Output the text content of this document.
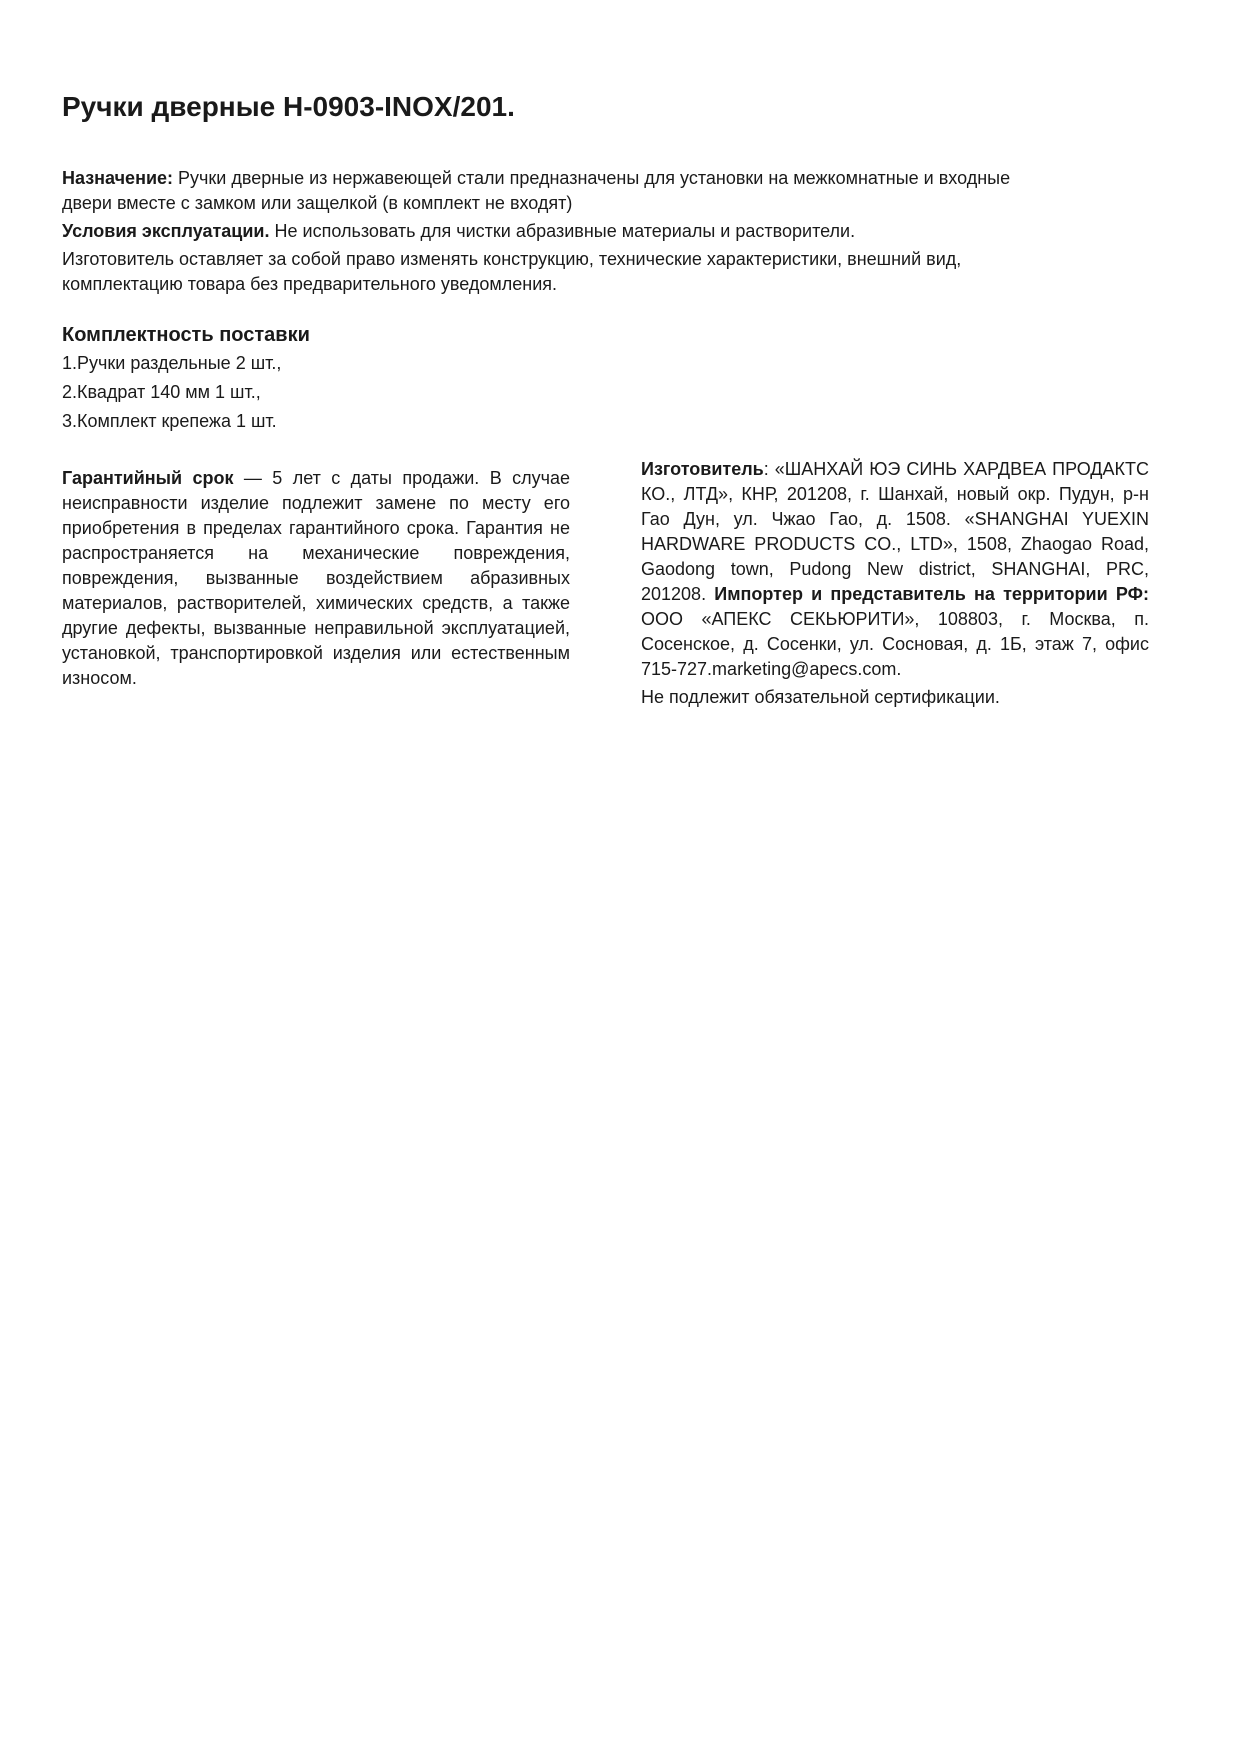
Ручки дверные H-0903-INOX/201.

Назначение: Ручки дверные из нержавеющей стали предназначены для установки на межкомнатные и входные двери вместе с замком или защелкой (в комплект не входят)

Условия эксплуатации. Не использовать для чистки абразивные материалы и растворители.

Изготовитель оставляет за собой право изменять конструкцию, технические характеристики, внешний вид, комплектацию товара без предварительного уведомления.

Комплектность поставки
1.Ручки раздельные 2 шт.,
2.Квадрат 140 мм 1 шт.,
3.Комплект крепежа 1 шт.

Гарантийный срок — 5 лет с даты продажи. В случае неисправности изделие подлежит замене по месту его приобретения в пределах гарантийного срока. Гарантия не распространяется на механические повреждения, повреждения, вызванные воздействием абразивных материалов, растворителей, химических средств, а также другие дефекты, вызванные неправильной эксплуатацией, установкой, транспортировкой изделия или естественным износом.

Изготовитель: «ШАНХАЙ ЮЭ СИНЬ ХАРДВЕА ПРОДАКТС КО., ЛТД», КНР, 201208, г. Шанхай, новый окр. Пудун, р-н Гао Дун, ул. Чжао Гао, д. 1508. «SHANGHAI YUEXIN HARDWARE PRODUCTS CO., LTD», 1508, Zhaogao Road, Gaodong town, Pudong New district, SHANGHAI, PRC, 201208. Импортер и представитель на территории РФ: ООО «АПЕКС СЕКЬЮРИТИ», 108803, г. Москва, п. Сосенское, д. Сосенки, ул. Сосновая, д. 1Б, этаж 7, офис 715-727.marketing@apecs.com.

Не подлежит обязательной сертификации.
